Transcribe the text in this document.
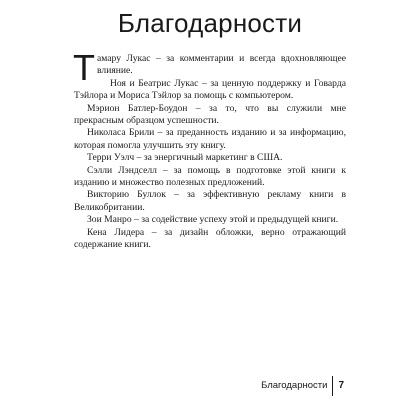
Благодарности

Тамару Лукас – за комментарии и всегда вдохновляющее влияние.

Ноя и Беатрис Лукас – за ценную поддержку и Говарда Тэйлора и Мориса Тэйлор за помощь с компьютером.

Мэрион Батлер-Боудон – за то, что вы служили мне прекрасным образцом успешности.

Николаса Брили – за преданность изданию и за информацию, которая помогла улучшить эту книгу.

Терри Уэлч – за энергичный маркетинг в США.

Сэлли Лэндселл – за помощь в подготовке этой книги к изданию и множество полезных предложений.

Викторию Буллок – за эффективную рекламу книги в Великобритании.

Зои Манро – за содействие успеху этой и предыдущей книги.

Кена Лидера – за дизайн обложки, верно отражающий содержание книги.

Благодарности	7
